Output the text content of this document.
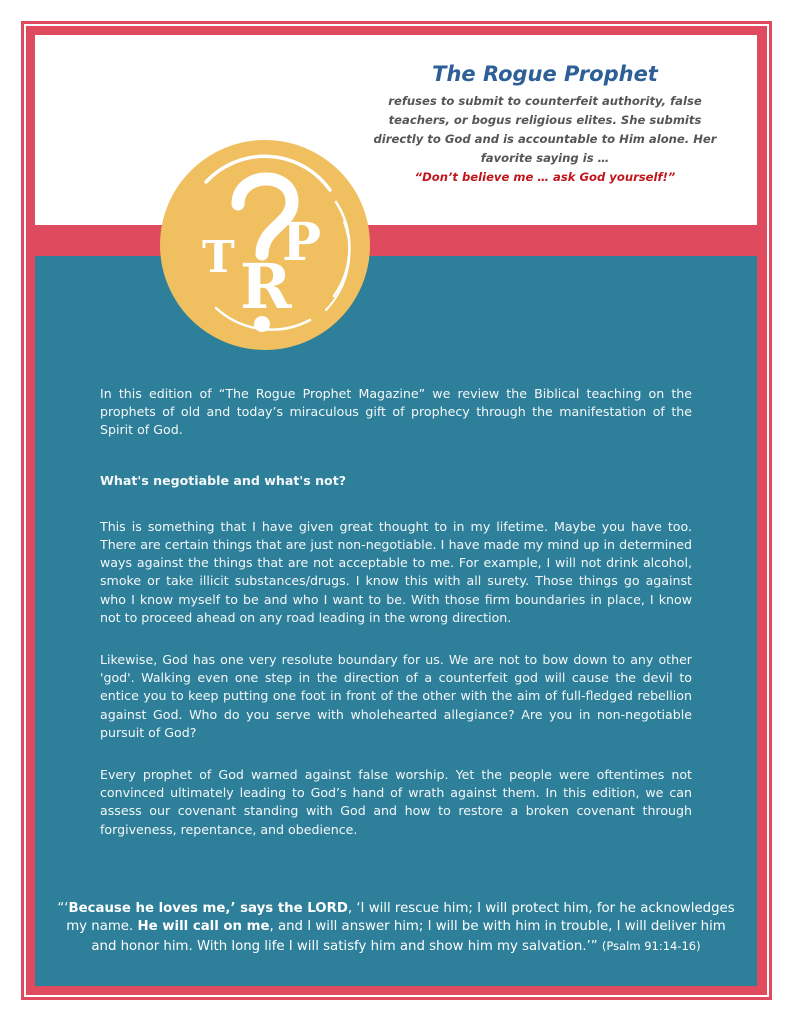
The Rogue Prophet

refuses to submit to counterfeit authority, false

teachers, or bogus religious elites. She submits

directly to God and is accountable to Him alone. Her

favorite saying is …

“Don’t believe me … ask God yourself!”

T R
P

In this edition of “The Rogue Prophet Magazine” we review the Biblical teaching on the prophets of old and today’s miraculous gift of prophecy through the manifestation of the Spirit of God.

What's negotiable and what's not?

This is something that I have given great thought to in my lifetime. Maybe you have too. There are certain things that are just non-negotiable. I have made my mind up in determined ways against the things that are not acceptable to me. For example, I will not drink alcohol, smoke or take illicit substances/drugs. I know this with all surety. Those things go against who I know myself to be and who I want to be. With those firm boundaries in place, I know not to proceed ahead on any road leading in the wrong direction.

Likewise, God has one very resolute boundary for us. We are not to bow down to any other 'god'. Walking even one step in the direction of a counterfeit god will cause the devil to entice you to keep putting one foot in front of the other with the aim of full-fledged rebellion against God. Who do you serve with wholehearted allegiance? Are you in non-negotiable pursuit of God?

Every prophet of God warned against false worship. Yet the people were oftentimes not convinced ultimately leading to God’s hand of wrath against them. In this edition, we can assess our covenant standing with God and how to restore a broken covenant through forgiveness, repentance, and obedience.

“‘Because he loves me,’ says the LORD, ‘I will rescue him; I will protect him, for he acknowledges my name. He will call on me, and I will answer him; I will be with him in trouble, I will deliver him and honor him. With long life I will satisfy him and show him my salvation.’” (Psalm 91:14-16)
